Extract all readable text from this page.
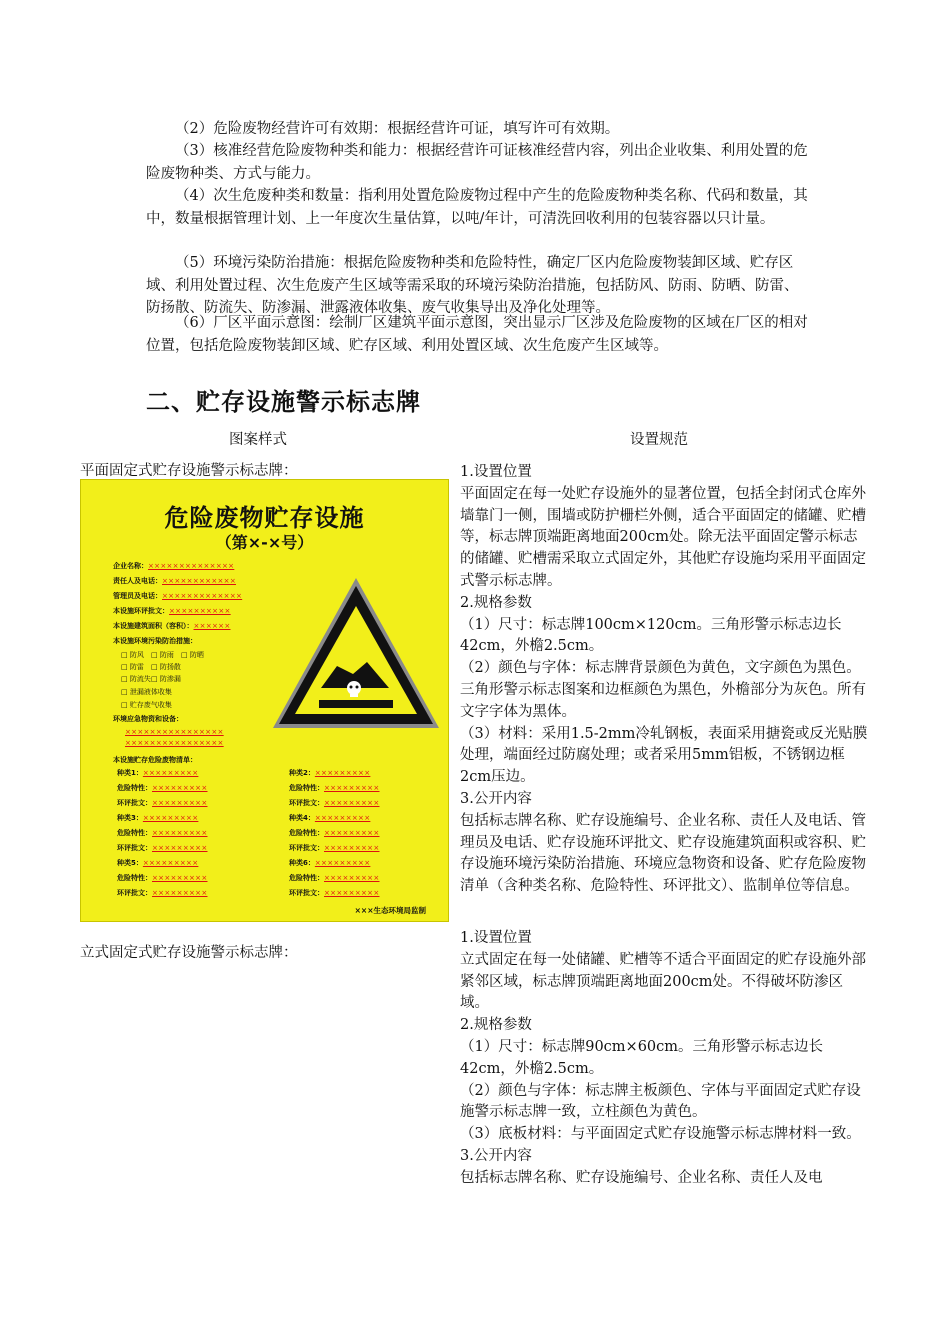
（2）危险废物经营许可有效期：根据经营许可证，填写许可有效期。

（3）核准经营危险废物种类和能力：根据经营许可证核准经营内容，列出企业收集、利用处置的危险废物种类、方式与能力。

（4）次生危废种类和数量：指利用处置危险废物过程中产生的危险废物种类名称、代码和数量，其中，数量根据管理计划、上一年度次生量估算，以吨/年计，可清洗回收利用的包装容器以只计量。

（5）环境污染防治措施：根据危险废物种类和危险特性，确定厂区内危险废物装卸区域、贮存区域、利用处置过程、次生危废产生区域等需采取的环境污染防治措施，包括防风、防雨、防晒、防雷、防扬散、防流失、防渗漏、泄露液体收集、废气收集导出及净化处理等。

（6）厂区平面示意图：绘制厂区建筑平面示意图，突出显示厂区涉及危险废物的区域在厂区的相对位置，包括危险废物装卸区域、贮存区域、利用处置区域、次生危废产生区域等。

二、贮存设施警示标志牌
图案样式	设置规范
平面固定式贮存设施警示标志牌：
危险废物贮存设施
（第×-×号）
企业名称：××××××××××××××
责任人及电话：××××××××××××
管理员及电话：×××××××××××××
本设施环评批文：××××××××××
本设施建筑面积（容积）：××××××
本设施环境污染防治措施：
□ 防风 □ 防雨 □ 防晒
□ 防雷 □ 防扬散
□ 防流失 □ 防渗漏
□ 泄漏液体收集
□ 贮存废气收集
环境应急物资和设备：
××××××××××××××××
××××××××××××××××
本设施贮存危险废物清单：
种类1：×××××××××
危险特性：×××××××××
环评批文：×××××××××
种类3：×××××××××
危险特性：×××××××××
环评批文：×××××××××
种类5：×××××××××
危险特性：×××××××××
环评批文：×××××××××
种类2：×××××××××
危险特性：×××××××××
环评批文：×××××××××
种类4：×××××××××
危险特性：×××××××××
环评批文：×××××××××
种类6：×××××××××
危险特性：×××××××××
环评批文：×××××××××
×××生态环境局监制
1.设置位置
平面固定在每一处贮存设施外的显著位置，包括全封闭式仓库外墙靠门一侧，围墙或防护栅栏外侧，适合平面固定的储罐、贮槽等，标志牌顶端距离地面200cm处。除无法平面固定警示标志的储罐、贮槽需采取立式固定外，其他贮存设施均采用平面固定式警示标志牌。
2.规格参数
（1）尺寸：标志牌100cm×120cm。三角形警示标志边长42cm，外檐2.5cm。
（2）颜色与字体：标志牌背景颜色为黄色，文字颜色为黑色。三角形警示标志图案和边框颜色为黑色，外檐部分为灰色。所有文字字体为黑体。
（3）材料：采用1.5-2mm冷轧钢板，表面采用搪瓷或反光贴膜处理，端面经过防腐处理；或者采用5mm铝板，不锈钢边框2cm压边。
3.公开内容
包括标志牌名称、贮存设施编号、企业名称、责任人及电话、管理员及电话、贮存设施环评批文、贮存设施建筑面积或容积、贮存设施环境污染防治措施、环境应急物资和设备、贮存危险废物清单（含种类名称、危险特性、环评批文）、监制单位等信息。
立式固定式贮存设施警示标志牌：
1.设置位置
立式固定在每一处储罐、贮槽等不适合平面固定的贮存设施外部紧邻区域，标志牌顶端距离地面200cm处。不得破坏防渗区域。
2.规格参数
（1）尺寸：标志牌90cm×60cm。三角形警示标志边长42cm，外檐2.5cm。
（2）颜色与字体：标志牌主板颜色、字体与平面固定式贮存设施警示标志牌一致，立柱颜色为黄色。
（3）底板材料：与平面固定式贮存设施警示标志牌材料一致。
3.公开内容
包括标志牌名称、贮存设施编号、企业名称、责任人及电
